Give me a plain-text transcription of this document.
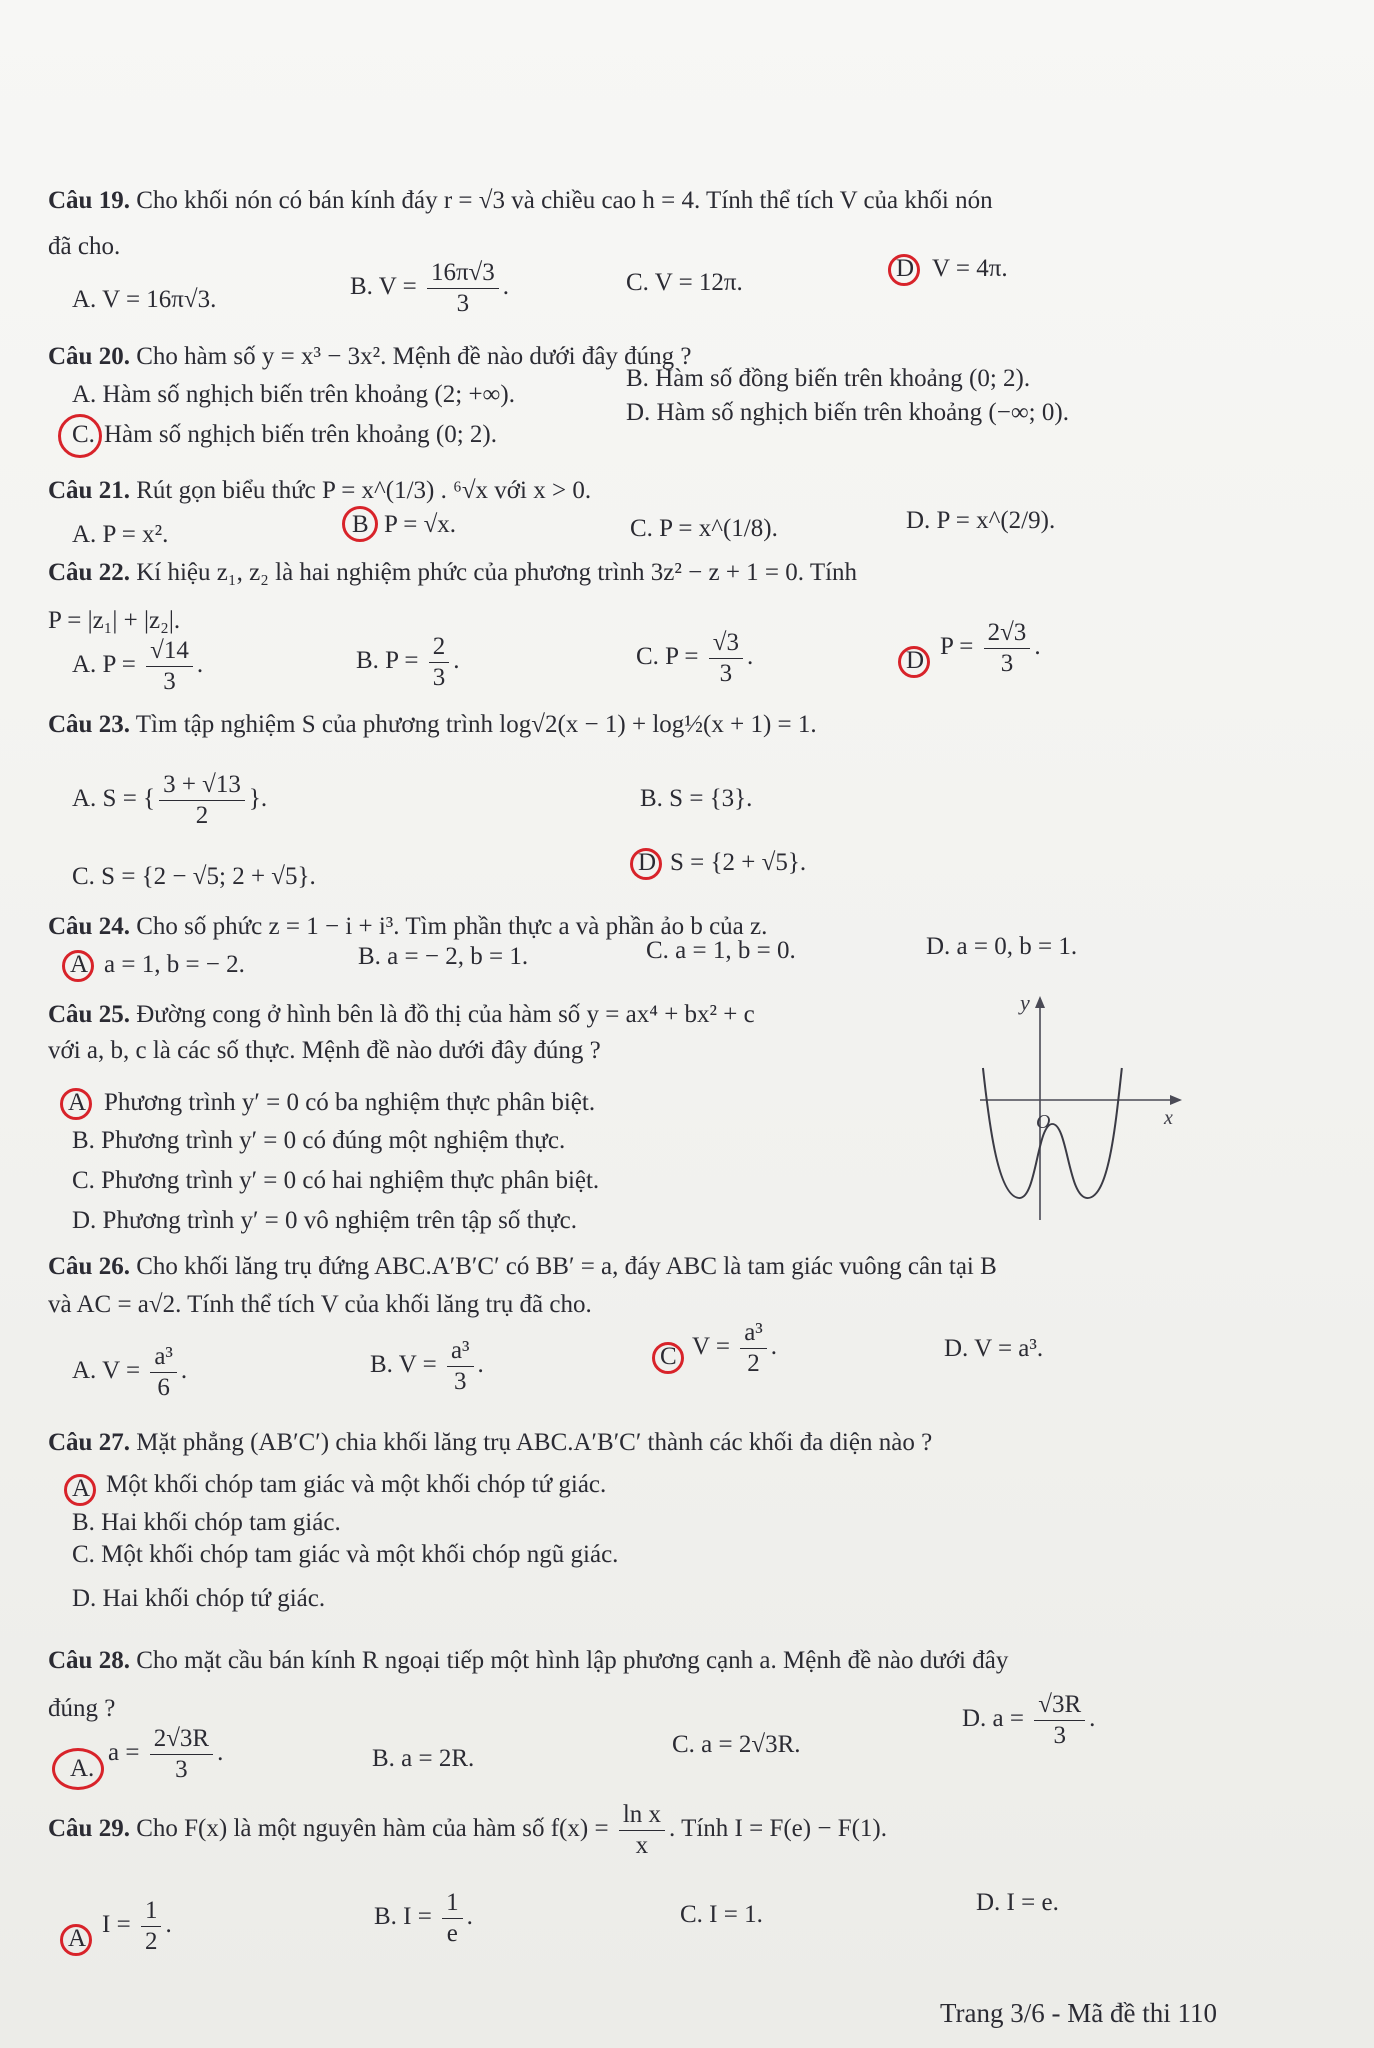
Câu 19. Cho khối nón có bán kính đáy r = √3 và chiều cao h = 4. Tính thể tích V của khối nón
đã cho.
A. V = 16π√3.	B. $V = \frac{16\pi√3}{3}$ .	C. V = 12π.
D V = 4π.
Câu 20. Cho hàm số y = x³ − 3x². Mệnh đề nào dưới đây đúng ?
A. Hàm số nghịch biến trên khoảng (2; +∞).
B. Hàm số đồng biến trên khoảng (0; 2).
C. Hàm số nghịch biến trên khoảng (0; 2).
D. Hàm số nghịch biến trên khoảng (−∞; 0).
Câu 21. Rút gọn biểu thức P = x^(1/3) . ⁶√x với x > 0.
A. P = x².	B P = √x.	C. P = x^(1/8).	D. P = x^(2/9).
Câu 22. Kí hiệu z₁, z₂ là hai nghiệm phức của phương trình 3z² − z + 1 = 0. Tính
P = |z₁| + |z₂|.
A. $P = \frac{√14}{3}$ .	B. $P = \frac{2}{3}$ .	C. $P = \frac{√3}{3}$ .	D
$P = \frac{2√3}{3}$ .
Câu 23. Tìm tập nghiệm S của phương trình log√2(x − 1) + log½(x + 1) = 1.
A. S = { $\frac{3 + √13}{2}$ }.	B. S = {3}.
C. S = {2 − √5; 2 + √5}.
D S = {2 + √5}.
Câu 24. Cho số phức z = 1 − i + i³. Tìm phần thực a và phần ảo b của z.
A a = 1, b = − 2.	B. a = − 2, b = 1.	C. a = 1, b = 0.	D. a = 0, b = 1.
Câu 25. Đường cong ở hình bên là đồ thị của hàm số y = ax⁴ + bx² + c
với a, b, c là các số thực. Mệnh đề nào dưới đây đúng ?
A Phương trình y′ = 0 có ba nghiệm thực phân biệt.
B. Phương trình y′ = 0 có đúng một nghiệm thực.
C. Phương trình y′ = 0 có hai nghiệm thực phân biệt.
D. Phương trình y′ = 0 vô nghiệm trên tập số thực.
y
O	x
Câu 26. Cho khối lăng trụ đứng ABC.A′B′C′ có BB′ = a, đáy ABC là tam giác vuông cân tại B
và AC = a√2. Tính thể tích V của khối lăng trụ đã cho.
A. $V = \frac{\text{a³}}{6}$ .	B. $V = \frac{\text{a³}}{3}$ .	C $V = \frac{\text{a³}}{2}$ .	D. V = a³.
Câu 27. Mặt phẳng (AB′C′) chia khối lăng trụ ABC.A′B′C′ thành các khối đa diện nào ?
A Một khối chóp tam giác và một khối chóp tứ giác.
B. Hai khối chóp tam giác.
C. Một khối chóp tam giác và một khối chóp ngũ giác.
D. Hai khối chóp tứ giác.
Câu 28. Cho mặt cầu bán kính R ngoại tiếp một hình lập phương cạnh a. Mệnh đề nào dưới đây
đúng ?
A.
$a = \frac{2√3R}{3}$ .	B. a = 2R.
C. a = 2√3R.
D. $a = \frac{√3R}{3}$ .
Câu 29. Cho F(x) là một nguyên hàm của hàm số $f(x) = \frac{\text{ln x}}{x}$ . Tính I = F(e) − F(1).
A
$I = \frac{1}{2}$ .	B. $I = \frac{1}{e}$ .	C. I = 1.	D. I = e.
Trang 3/6 - Mã đề thi 110
